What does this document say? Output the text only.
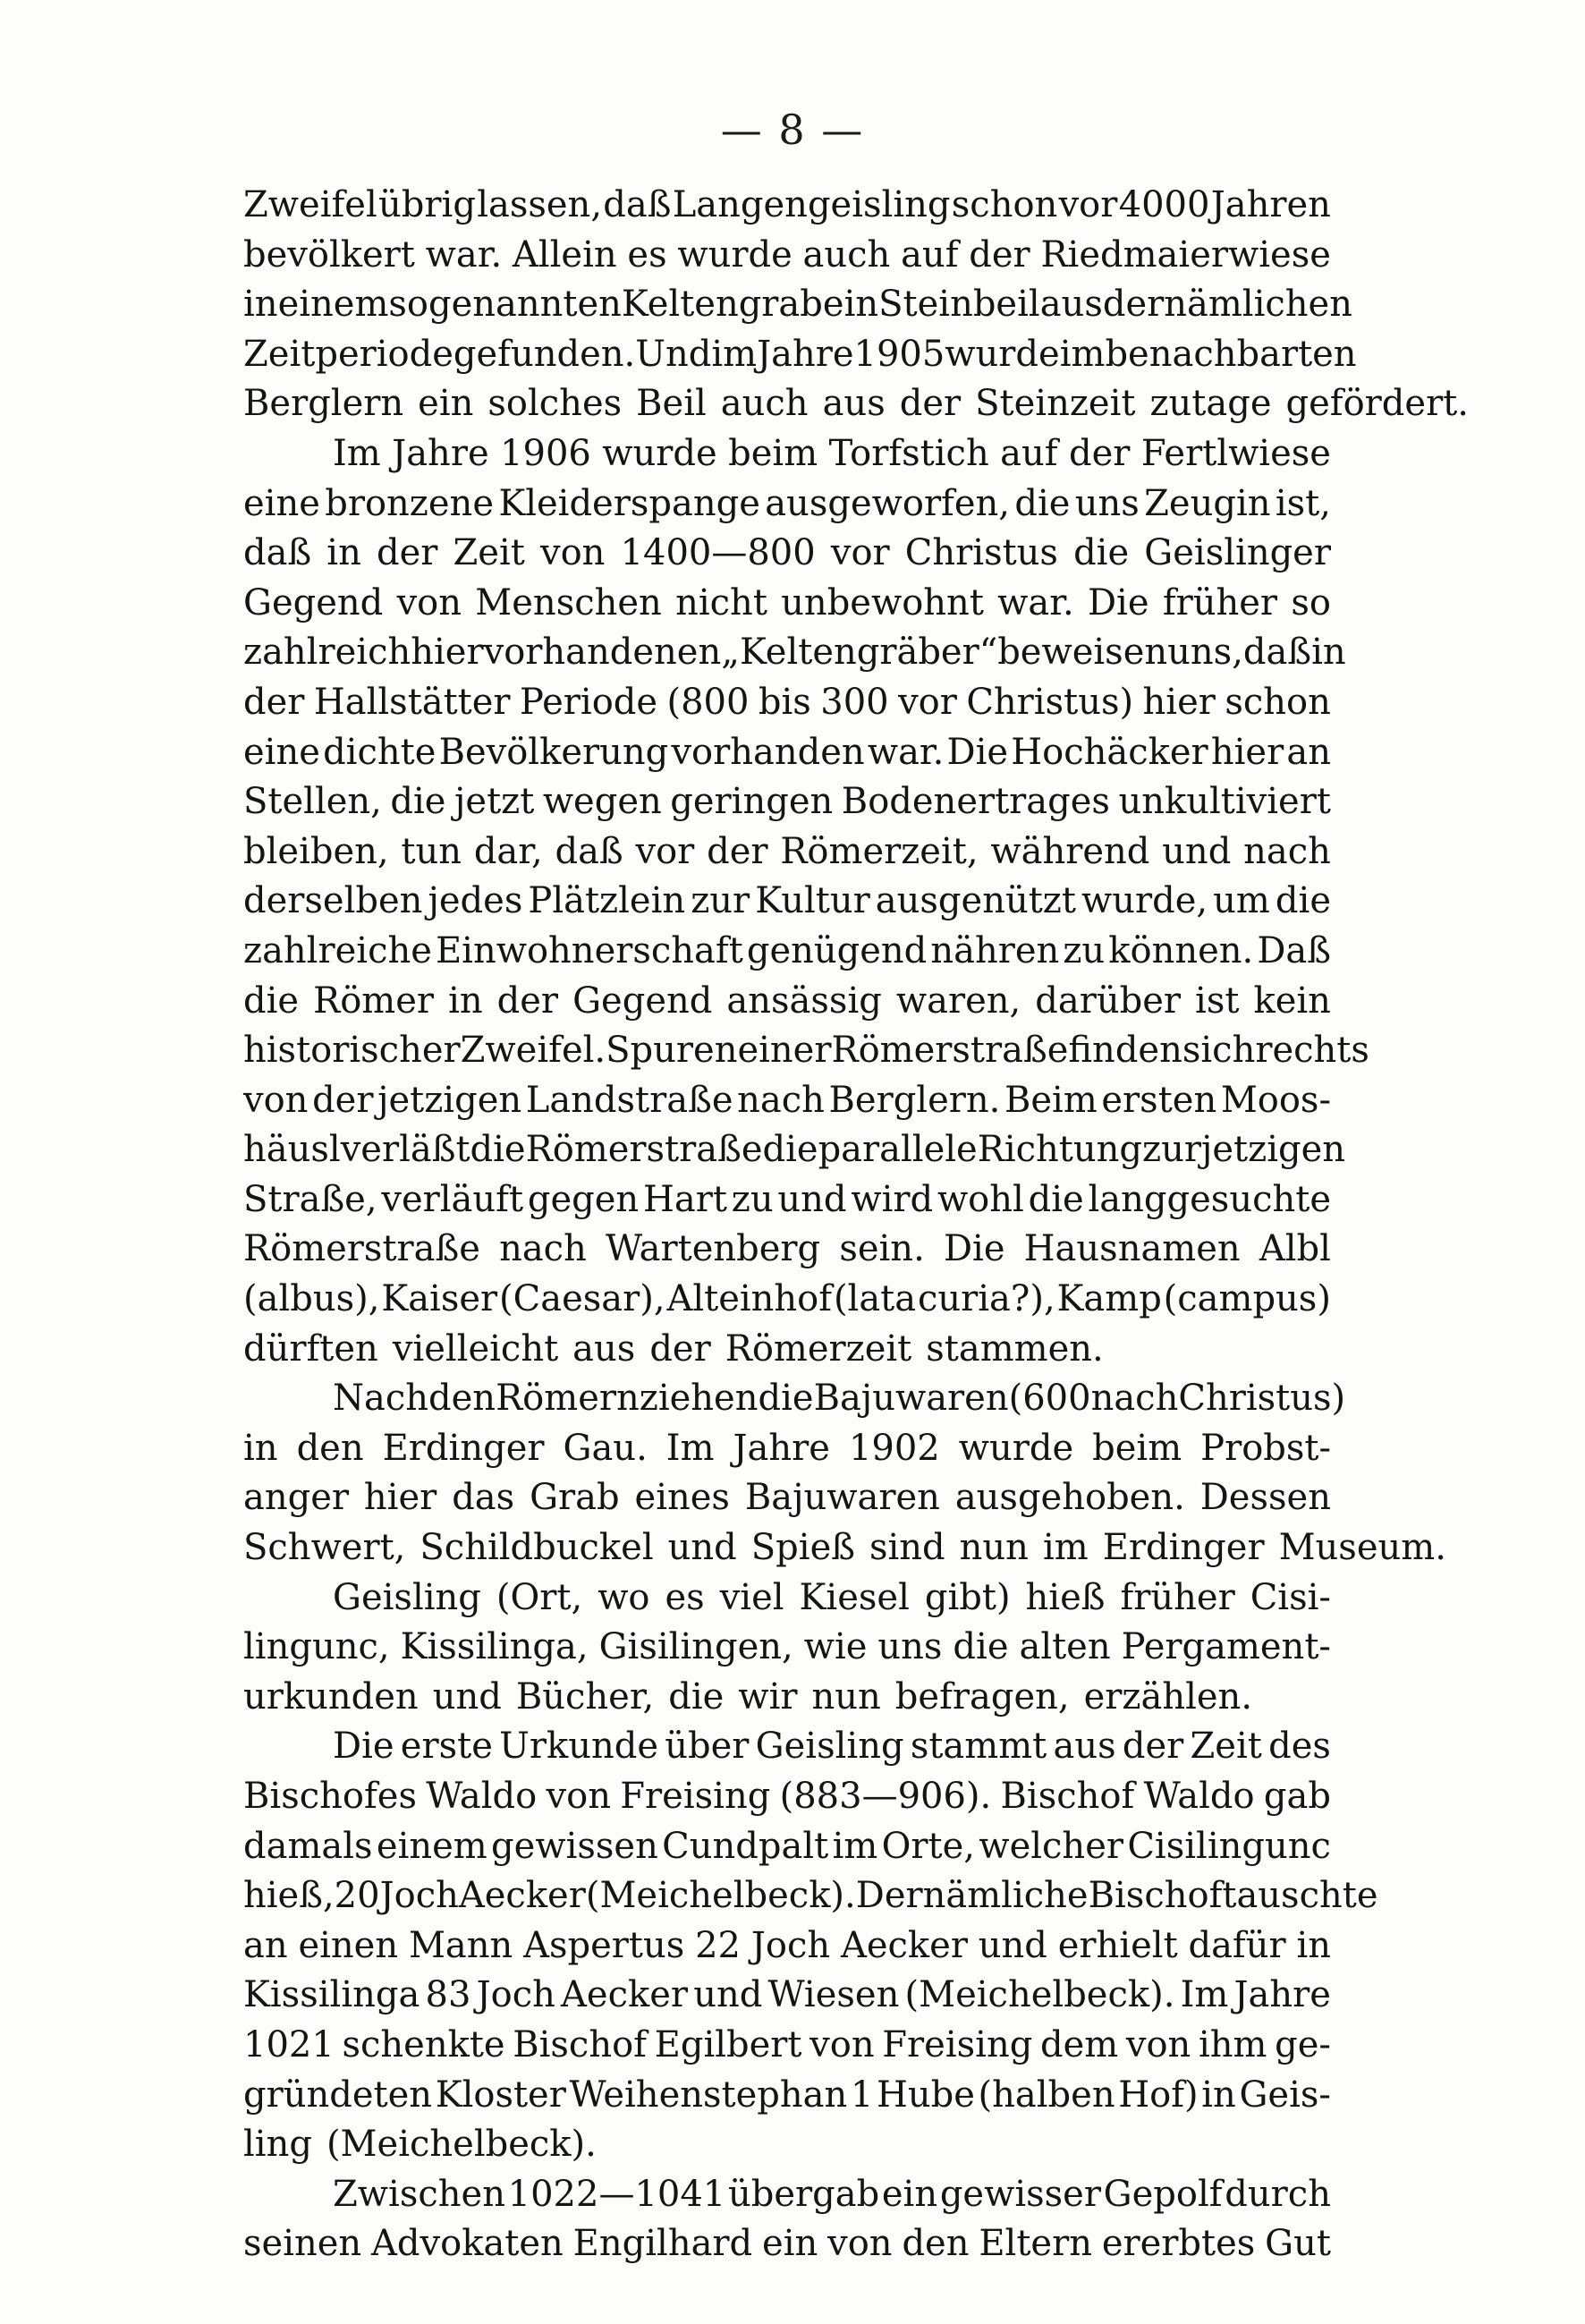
— 8 —
Zweifel übrig lassen, daß Langengeisling schon vor 4000 Jahren
bevölkert war. Allein es wurde auch auf der Riedmaierwiese
in einem sogenannten Keltengrab ein Steinbeil aus der nämlichen
Zeitperiode gefunden. Und im Jahre 1905 wurde im benachbarten
Berglern ein solches Beil auch aus der Steinzeit zutage gefördert.
Im Jahre 1906 wurde beim Torfstich auf der Fertlwiese
eine bronzene Kleiderspange ausgeworfen, die uns Zeugin ist,
daß in der Zeit von 1400—800 vor Christus die Geislinger
Gegend von Menschen nicht unbewohnt war. Die früher so
zahlreich hier vorhandenen „Keltengräber“ beweisen uns, daß in
der Hallstätter Periode (800 bis 300 vor Christus) hier schon
eine dichte Bevölkerung vorhanden war. Die Hochäcker hier an
Stellen, die jetzt wegen geringen Bodenertrages unkultiviert
bleiben, tun dar, daß vor der Römerzeit, während und nach
derselben jedes Plätzlein zur Kultur ausgenützt wurde, um die
zahlreiche Einwohnerschaft genügend nähren zu können. Daß
die Römer in der Gegend ansässig waren, darüber ist kein
historischer Zweifel. Spuren einer Römerstraße finden sich rechts
von der jetzigen Landstraße nach Berglern. Beim ersten Moos-
häusl verläßt die Römerstraße die parallele Richtung zur jetzigen
Straße, verläuft gegen Hart zu und wird wohl die langgesuchte
Römerstraße nach Wartenberg sein. Die Hausnamen Albl
(albus), Kaiser (Caesar), Alteinhof (lata curia?), Kamp (campus)
dürften vielleicht aus der Römerzeit stammen.
Nach den Römern ziehen die Bajuwaren (600 nach Christus)
in den Erdinger Gau. Im Jahre 1902 wurde beim Probst-
anger hier das Grab eines Bajuwaren ausgehoben. Dessen
Schwert, Schildbuckel und Spieß sind nun im Erdinger Museum.
Geisling (Ort, wo es viel Kiesel gibt) hieß früher Cisi-
lingunc, Kissilinga, Gisilingen, wie uns die alten Pergament-
urkunden und Bücher, die wir nun befragen, erzählen.
Die erste Urkunde über Geisling stammt aus der Zeit des
Bischofes Waldo von Freising (883—906). Bischof Waldo gab
damals einem gewissen Cundpalt im Orte, welcher Cisilingunc
hieß, 20 Joch Aecker (Meichelbeck). Der nämliche Bischof tauschte
an einen Mann Aspertus 22 Joch Aecker und erhielt dafür in
Kissilinga 83 Joch Aecker und Wiesen (Meichelbeck). Im Jahre
1021 schenkte Bischof Egilbert von Freising dem von ihm ge-
gründeten Kloster Weihenstephan 1 Hube (halben Hof) in Geis-
ling (Meichelbeck).
Zwischen 1022—1041 übergab ein gewisser Gepolf durch
seinen Advokaten Engilhard ein von den Eltern ererbtes Gut
